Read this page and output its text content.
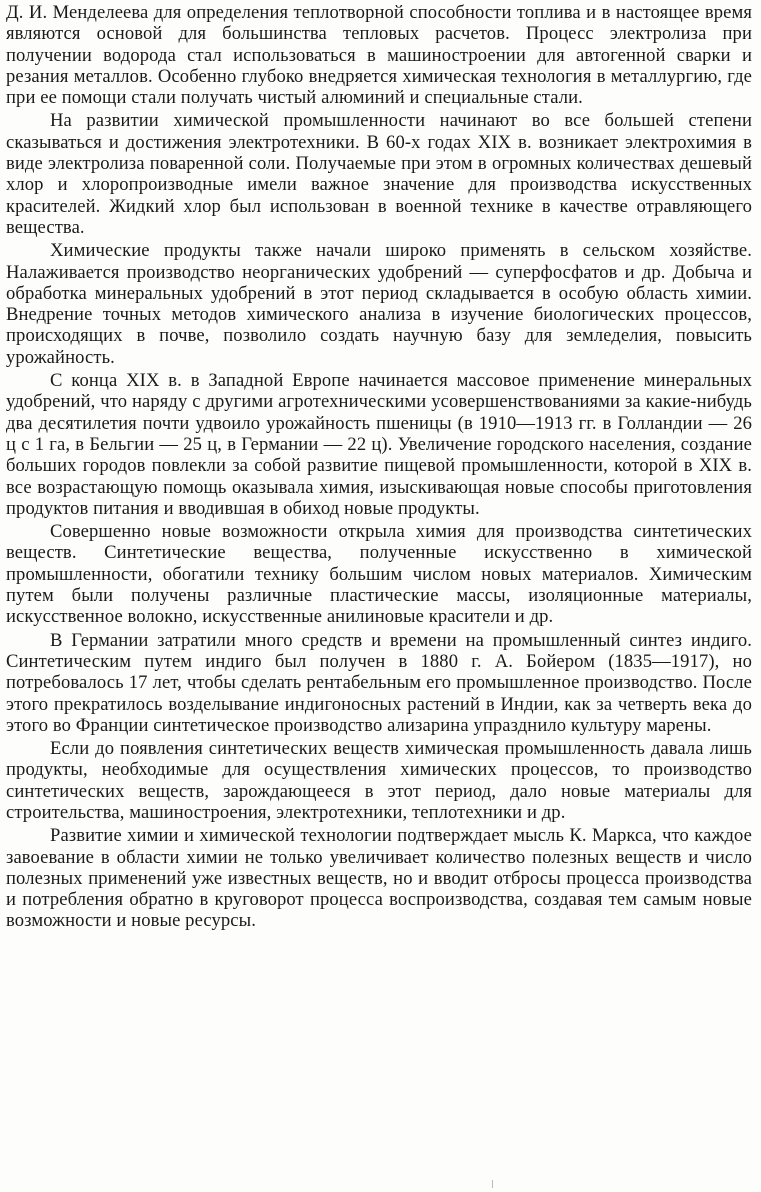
Д. И. Менделеева для определения теплотворной способности топлива и в настоящее время являются основой для большинства тепловых расчетов. Процесс электролиза при получении водорода стал использоваться в машиностроении для автогенной сварки и резания металлов. Особенно глубоко внедряется химическая технология в металлургию, где при ее помощи стали получать чистый алюминий и специальные стали.

На развитии химической промышленности начинают во все большей степени сказываться и достижения электротехники. В 60-х годах XIX в. возникает электрохимия в виде электролиза поваренной соли. Получаемые при этом в огромных количествах дешевый хлор и хлоропроизводные имели важное значение для производства искусственных красителей. Жидкий хлор был использован в военной технике в качестве отравляющего вещества.

Химические продукты также начали широко применять в сельском хозяйстве. Налаживается производство неорганических удобрений — суперфосфатов и др. Добыча и обработка минеральных удобрений в этот период складывается в особую область химии. Внедрение точных методов химического анализа в изучение биологических процессов, происходящих в почве, позволило создать научную базу для земледелия, повысить урожайность.

С конца XIX в. в Западной Европе начинается массовое применение минеральных удобрений, что наряду с другими агротехническими усовершенствованиями за какие-нибудь два десятилетия почти удвоило урожайность пшеницы (в 1910—1913 гг. в Голландии — 26 ц с 1 га, в Бельгии — 25 ц, в Германии — 22 ц). Увеличение городского населения, создание больших городов повлекли за собой развитие пищевой промышленности, которой в XIX в. все возрастающую помощь оказывала химия, изыскивающая новые способы приготовления продуктов питания и вводившая в обиход новые продукты.

Совершенно новые возможности открыла химия для производства синтетических веществ. Синтетические вещества, полученные искусственно в химической промышленности, обогатили технику большим числом новых материалов. Химическим путем были получены различные пластические массы, изоляционные материалы, искусственное волокно, искусственные анилиновые красители и др.

В Германии затратили много средств и времени на промышленный синтез индиго. Синтетическим путем индиго был получен в 1880 г. А. Бойером (1835—1917), но потребовалось 17 лет, чтобы сделать рентабельным его промышленное производство. После этого прекратилось возделывание индигоносных растений в Индии, как за четверть века до этого во Франции синтетическое производство ализарина упразднило культуру марены.

Если до появления синтетических веществ химическая промышленность давала лишь продукты, необходимые для осуществления химических процессов, то производство синтетических веществ, зарождающееся в этот период, дало новые материалы для строительства, машиностроения, электротехники, теплотехники и др.

Развитие химии и химической технологии подтверждает мысль К. Маркса, что каждое завоевание в области химии не только увеличивает количество полезных веществ и число полезных применений уже известных веществ, но и вводит отбросы процесса производства и потребления обратно в круговорот процесса воспроизводства, создавая тем самым новые возможности и новые ресурсы.
